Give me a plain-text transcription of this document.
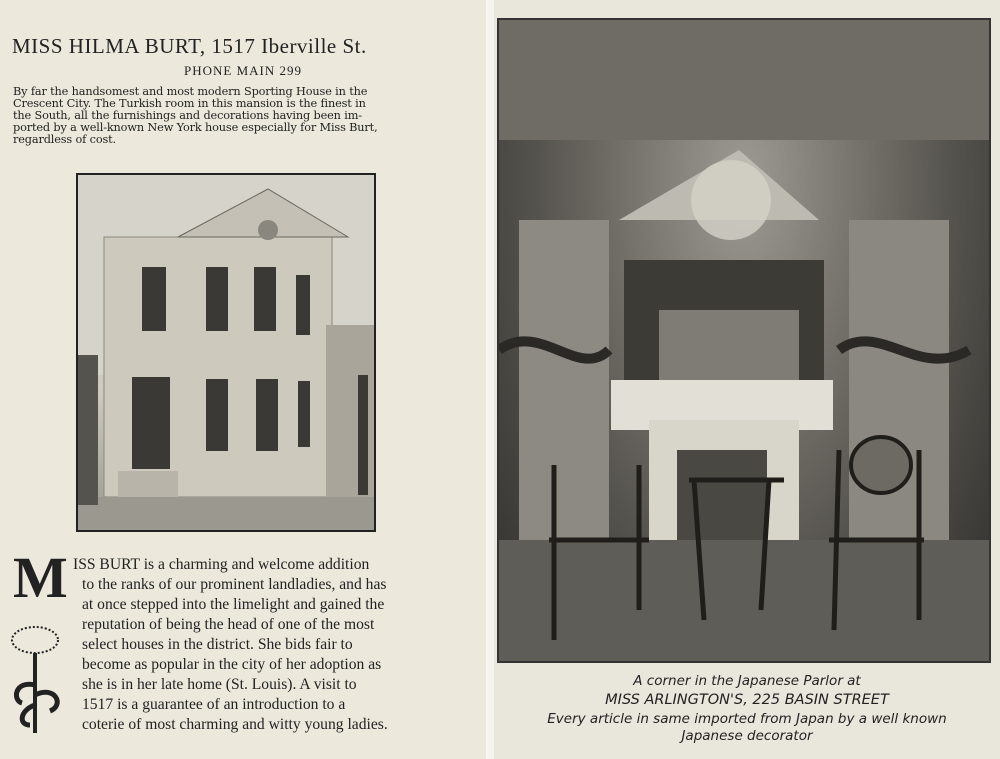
MISS HILMA BURT, 1517 Iberville St.
PHONE MAIN 299
By far the handsomest and most modern Sporting House in the
Crescent City. The Turkish room in this mansion is the finest in
the South, all the furnishings and decorations having been im-
ported by a well-known New York house especially for Miss Burt,
regardless of cost.
M ISS BURT is a charming and welcome addition
to the ranks of our prominent landladies, and has
at once stepped into the limelight and gained the
reputation of being the head of one of the most
select houses in the district. She bids fair to
become as popular in the city of her adoption as
she is in her late home (St. Louis). A visit to
1517 is a guarantee of an introduction to a
coterie of most charming and witty young ladies.
A corner in the Japanese Parlor at
MISS ARLINGTON'S, 225 BASIN STREET
Every article in same imported from Japan by a well known
Japanese decorator
